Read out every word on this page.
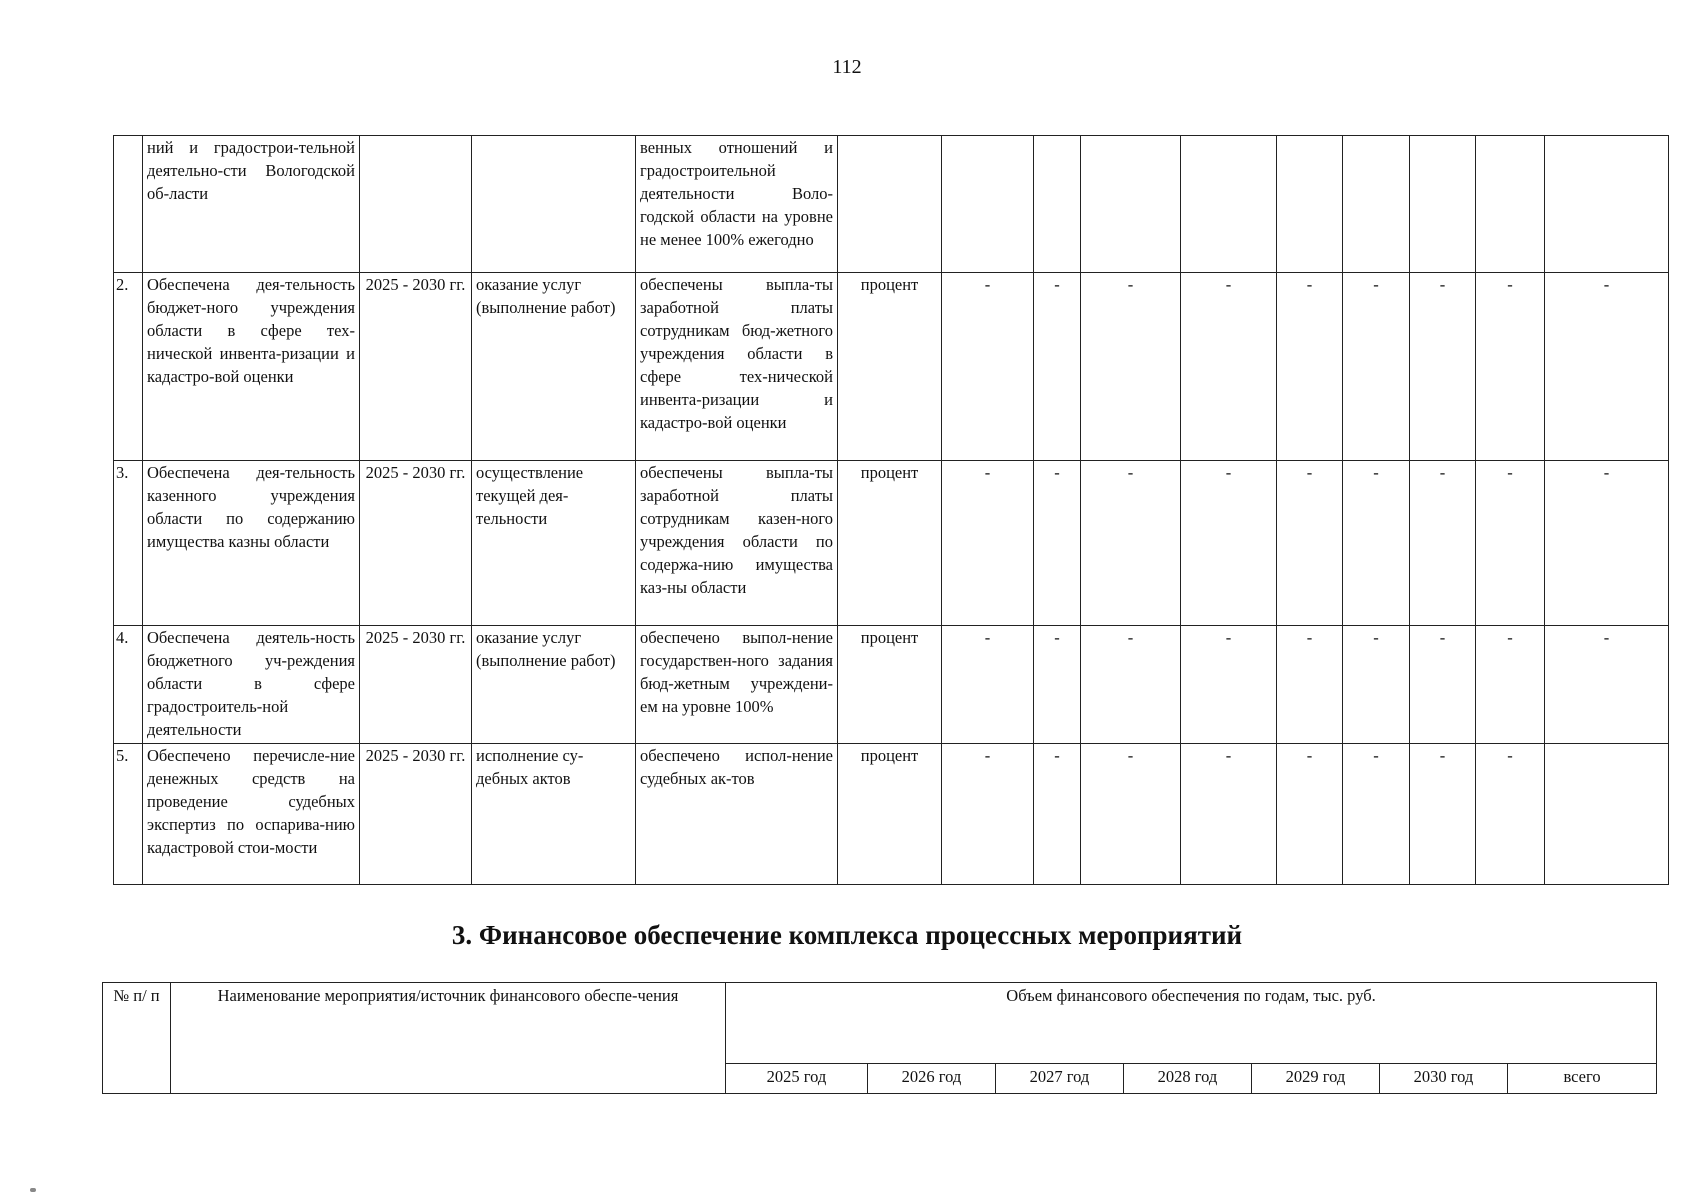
112
	ний и градострои-тельной деятельно-сти Вологодской об-ласти			венных отношений и градостроительной деятельности Воло-годской области на уровне не менее 100% ежегодно										
2.	Обеспечена дея-тельность бюджет-ного учреждения области в сфере тех-нической инвента-ризации и кадастро-вой оценки	2025 - 2030 гг.	оказание услуг (выполнение работ)	обеспечены выпла-ты заработной платы сотрудникам бюд-жетного учреждения области в сфере тех-нической инвента-ризации и кадастро-вой оценки	процент	-	-	-	-	-	-	-	-	-
3.	Обеспечена дея-тельность казенного учреждения области по содержанию имущества казны области	2025 - 2030 гг.	осуществление текущей дея-тельности	обеспечены выпла-ты заработной платы сотрудникам казен-ного учреждения области по содержа-нию имущества каз-ны области	процент	-	-	-	-	-	-	-	-	-
4.	Обеспечена деятель-ность бюджетного уч-реждения области в сфере градостроитель-ной деятельности	2025 - 2030 гг.	оказание услуг (выполнение работ)	обеспечено выпол-нение государствен-ного задания бюд-жетным учреждени-ем на уровне 100%	процент	-	-	-	-	-	-	-	-	-
5.	Обеспечено перечисле-ние денежных средств на проведение судебных экспертиз по оспарива-нию кадастровой стои-мости	2025 - 2030 гг.	исполнение су-дебных актов	обеспечено испол-нение судебных ак-тов	процент	-	-	-	-	-	-	-	-	
3. Финансовое обеспечение комплекса процессных мероприятий
№ п/ п	Наименование мероприятия/источник финансового обеспе-чения	Объем финансового обеспечения по годам, тыс. руб.						
		2025 год	2026 год	2027 год	2028 год	2029 год	2030 год	всего
